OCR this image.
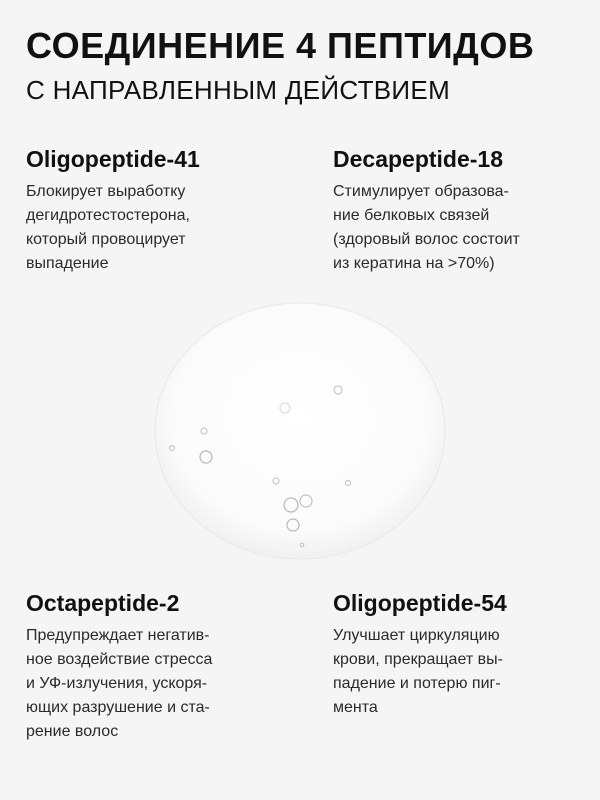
СОЕДИНЕНИЕ 4 ПЕПТИДОВ
С НАПРАВЛЕННЫМ ДЕЙСТВИЕМ
Oligopeptide-41
Блокирует выработку
дегидротестостерона,
который провоцирует
выпадение
Decapeptide-18
Стимулирует образова-
ние белковых связей
(здоровый волос состоит
из кератина на >70%)
Octapeptide-2
Предупреждает негатив-
ное воздействие стресса
и УФ-излучения, ускоря-
ющих разрушение и ста-
рение волос
Oligopeptide-54
Улучшает циркуляцию
крови, прекращает вы-
падение и потерю пиг-
мента
